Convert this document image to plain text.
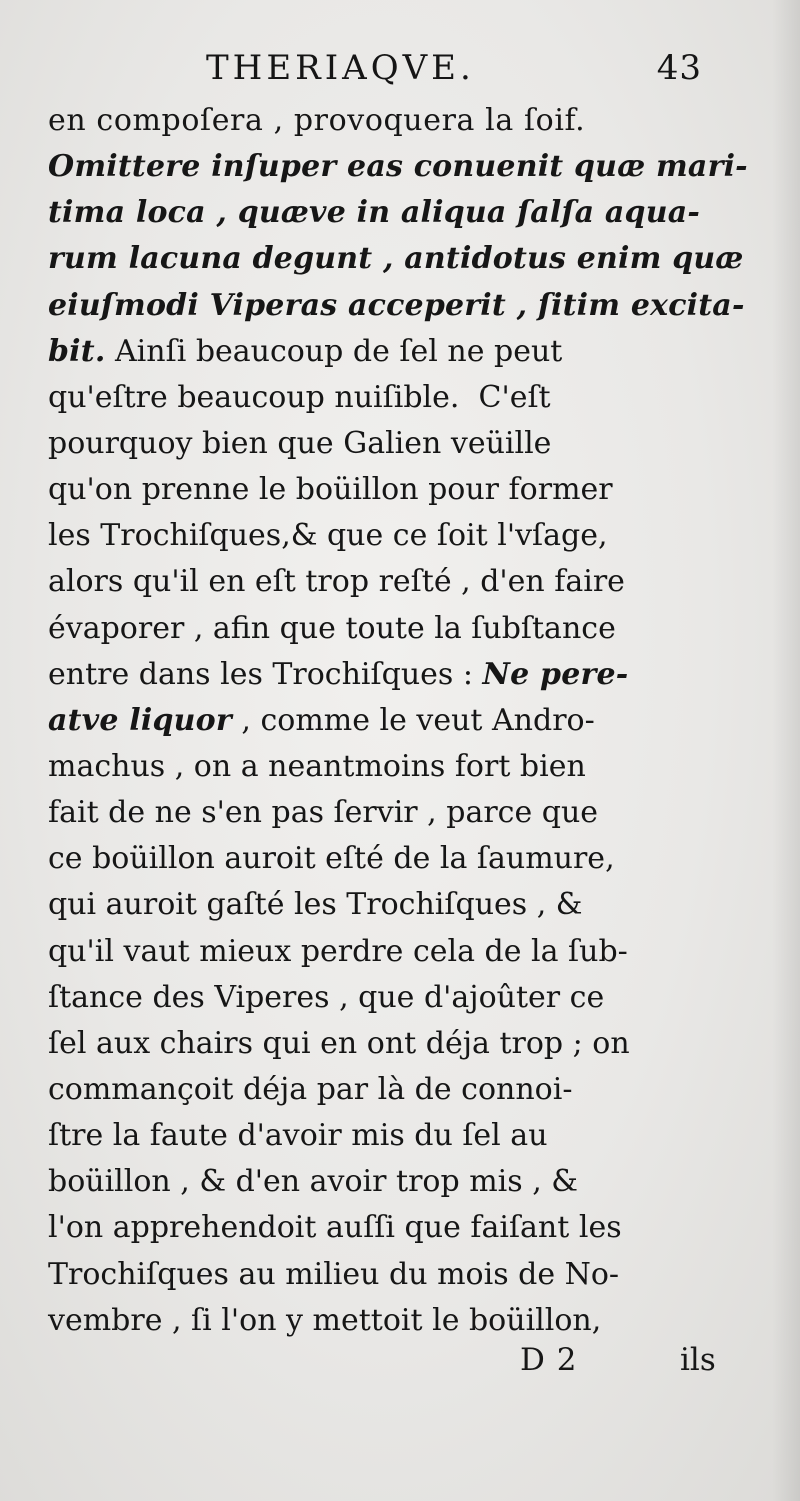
THERIAQVE.	43
en compoſera , provoquera la ſoif.
Omittere inſuper eas conuenit quæ mari-
tima loca , quæve in aliqua ſalſa aqua-
rum lacuna degunt , antidotus enim quæ
eiuſmodi Viperas acceperit , ſitim excita-
bit. Ainſi beaucoup de ſel ne peut
qu'eſtre beaucoup nuiſible.  C'eſt
pourquoy bien que Galien veüille
qu'on prenne le boüillon pour former
les Trochiſques,& que ce ſoit l'vſage,
alors qu'il en eſt trop reſté , d'en faire
évaporer , afin que toute la ſubſtance
entre dans les Trochiſques : Ne pere-
atve liquor , comme le veut Andro-
machus , on a neantmoins fort bien
fait de ne s'en pas ſervir , parce que
ce boüillon auroit eſté de la ſaumure,
qui auroit gaſté les Trochiſques , &
qu'il vaut mieux perdre cela de la ſub-
ſtance des Viperes , que d'ajoûter ce
ſel aux chairs qui en ont déja trop ; on
commançoit déja par là de connoi-
ſtre la faute d'avoir mis du ſel au
boüillon , & d'en avoir trop mis , &
l'on apprehendoit auſſi que faiſant les
Trochiſques au milieu du mois de No-
vembre , ſi l'on y mettoit le boüillon,
D 2	ils
